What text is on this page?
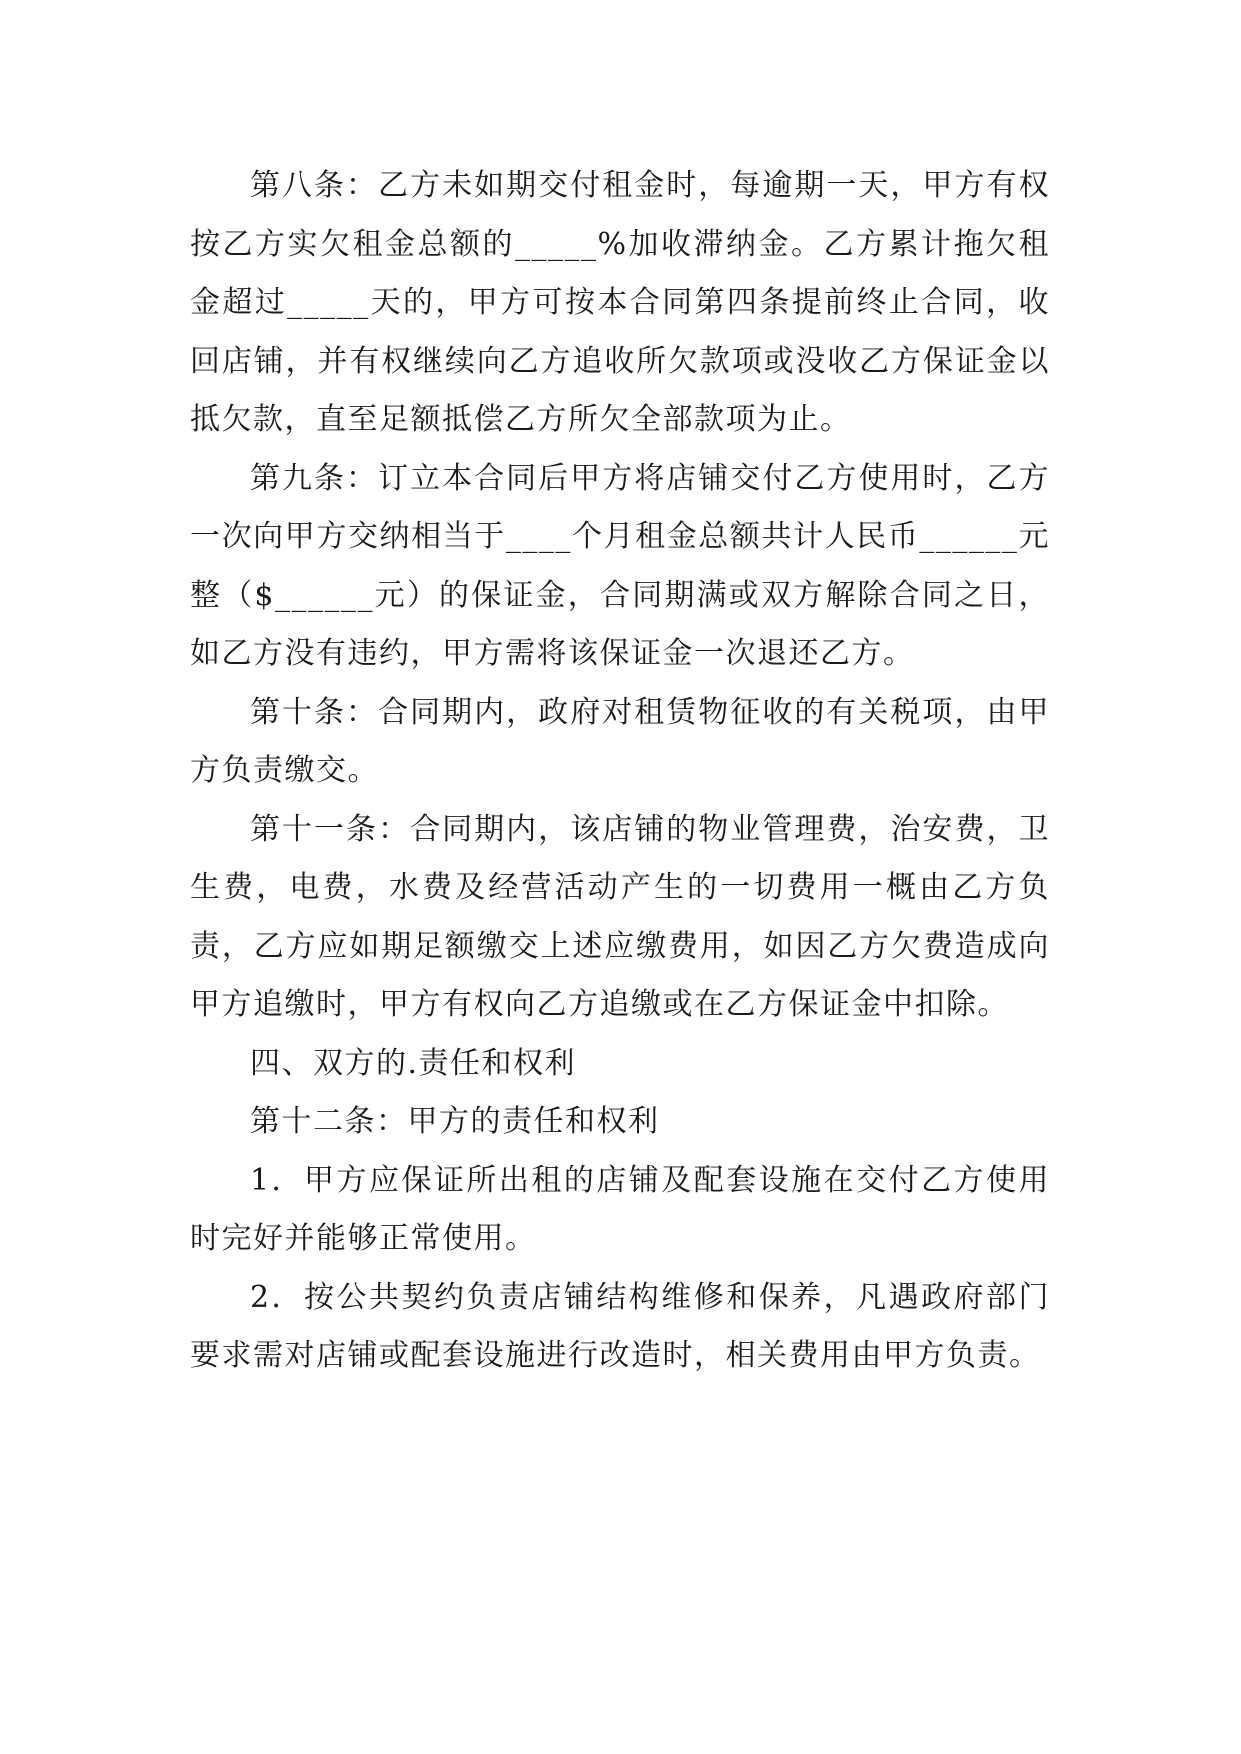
第八条：乙方未如期交付租金时，每逾期一天，甲方有权按乙方实欠租金总额的_____%加收滞纳金。乙方累计拖欠租金超过_____天的，甲方可按本合同第四条提前终止合同，收回店铺，并有权继续向乙方追收所欠款项或没收乙方保证金以抵欠款，直至足额抵偿乙方所欠全部款项为止。

第九条：订立本合同后甲方将店铺交付乙方使用时，乙方一次向甲方交纳相当于____个月租金总额共计人民币______元整（$______元）的保证金，合同期满或双方解除合同之日，如乙方没有违约，甲方需将该保证金一次退还乙方。

第十条：合同期内，政府对租赁物征收的有关税项，由甲方负责缴交。

第十一条：合同期内，该店铺的物业管理费，治安费，卫生费，电费，水费及经营活动产生的一切费用一概由乙方负责，乙方应如期足额缴交上述应缴费用，如因乙方欠费造成向甲方追缴时，甲方有权向乙方追缴或在乙方保证金中扣除。

四、双方的.责任和权利

第十二条：甲方的责任和权利

1．甲方应保证所出租的店铺及配套设施在交付乙方使用时完好并能够正常使用。

2．按公共契约负责店铺结构维修和保养，凡遇政府部门要求需对店铺或配套设施进行改造时，相关费用由甲方负责。
